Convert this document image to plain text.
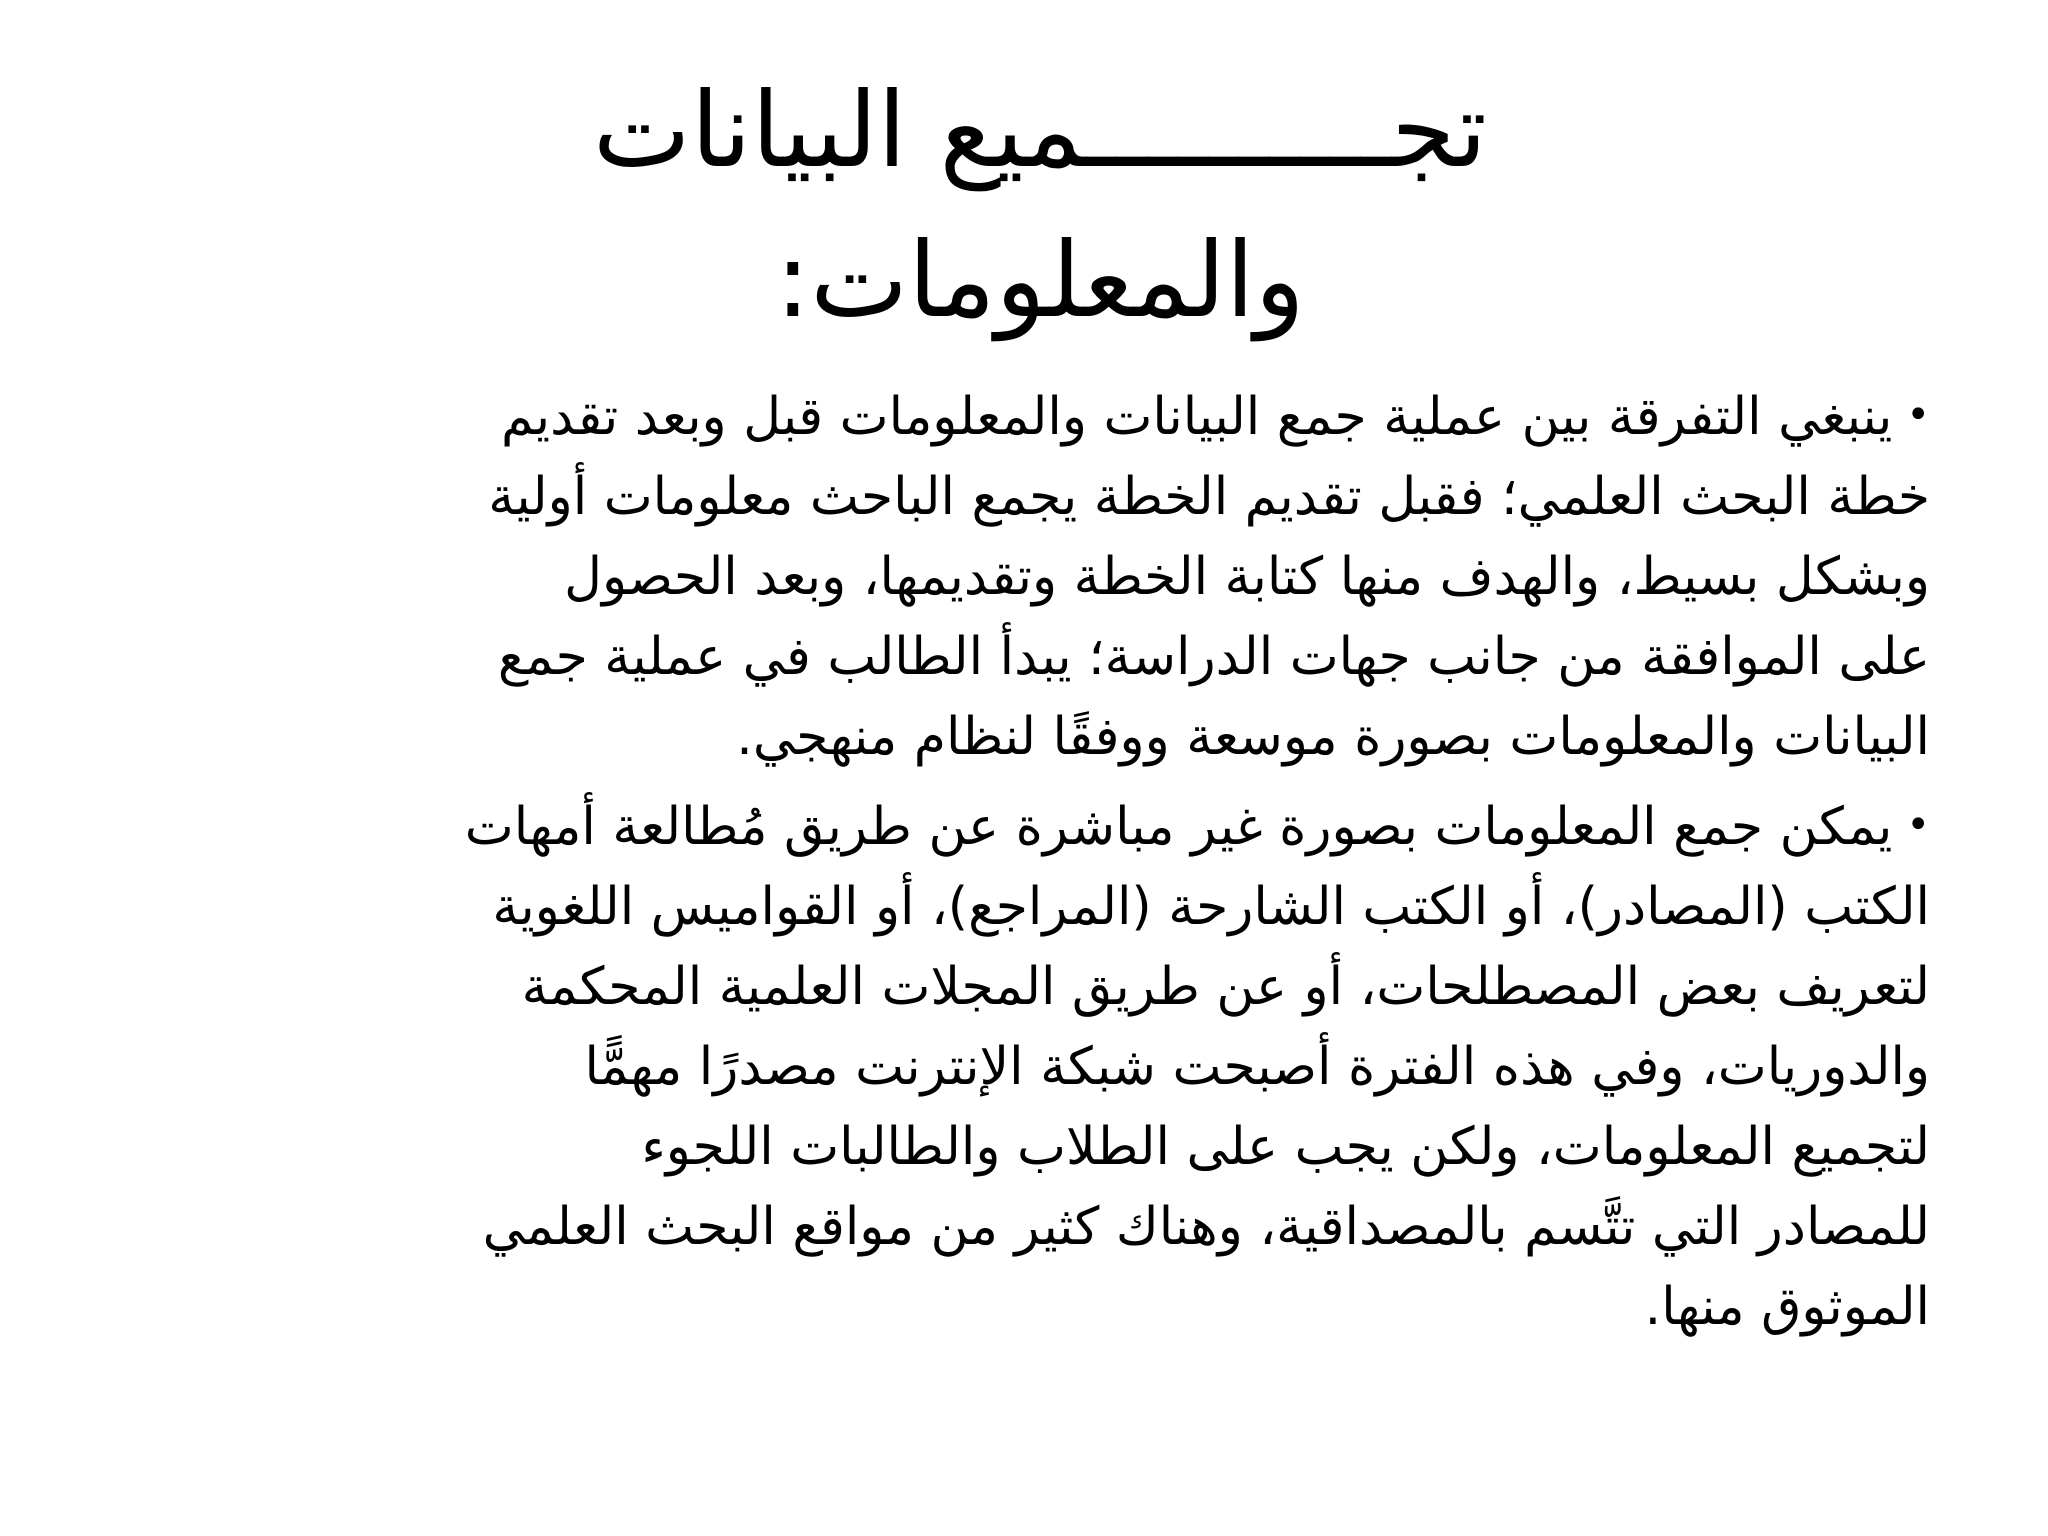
تجــــــــــميع البيانات
والمعلومات:
•ينبغي التفرقة بين عملية جمع البيانات والمعلومات قبل وبعد تقديم
خطة البحث العلمي؛ فقبل تقديم الخطة يجمع الباحث معلومات أولية
وبشكل بسيط، والهدف منها كتابة الخطة وتقديمها، وبعد الحصول
على الموافقة من جانب جهات الدراسة؛ يبدأ الطالب في عملية جمع
البيانات والمعلومات بصورة موسعة ووفقًا لنظام منهجي.
•يمكن جمع المعلومات بصورة غير مباشرة عن طريق مُطالعة أمهات
الكتب (المصادر)، أو الكتب الشارحة (المراجع)، أو القواميس اللغوية
لتعريف بعض المصطلحات، أو عن طريق المجلات العلمية المحكمة
والدوريات، وفي هذه الفترة أصبحت شبكة الإنترنت مصدرًا مهمًّا
لتجميع المعلومات، ولكن يجب على الطلاب والطالبات اللجوء
للمصادر التي تتَّسم بالمصداقية، وهناك كثير من مواقع البحث العلمي
الموثوق منها.
